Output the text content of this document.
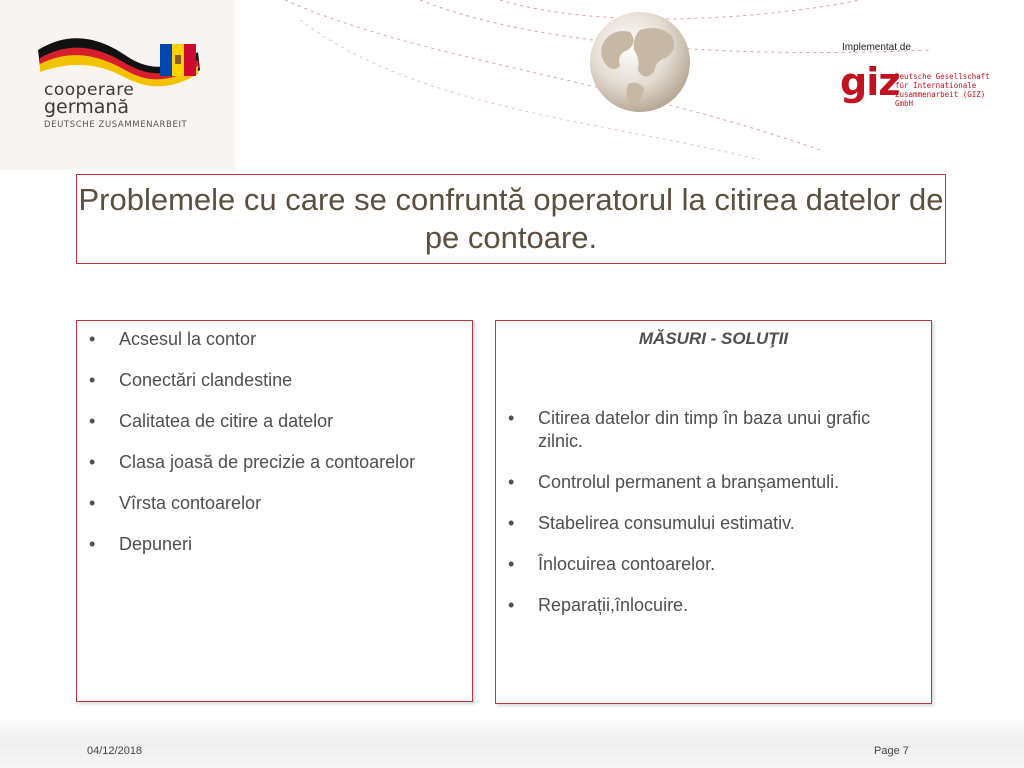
cooperare
germană
DEUTSCHE ZUSAMMENARBEIT
Implementat de
giz
Deutsche Gesellschaft
für Internationale
Zusammenarbeit (GIZ) GmbH
Problemele cu care se confruntă operatorul la citirea datelor de pe contoare.
• Acsesul la contor
• Conectări clandestine
• Calitatea de citire a datelor
• Clasa joasă de precizie a contoarelor
• Vîrsta contoarelor
• Depuneri
MĂSURI - SOLUŢII
• Citirea datelor din timp în baza unui grafic zilnic.
• Controlul permanent a branșamentuli.
• Stabelirea consumului estimativ.
• Înlocuirea contoarelor.
• Reparații,înlocuire.
04/12/2018	Page 7
